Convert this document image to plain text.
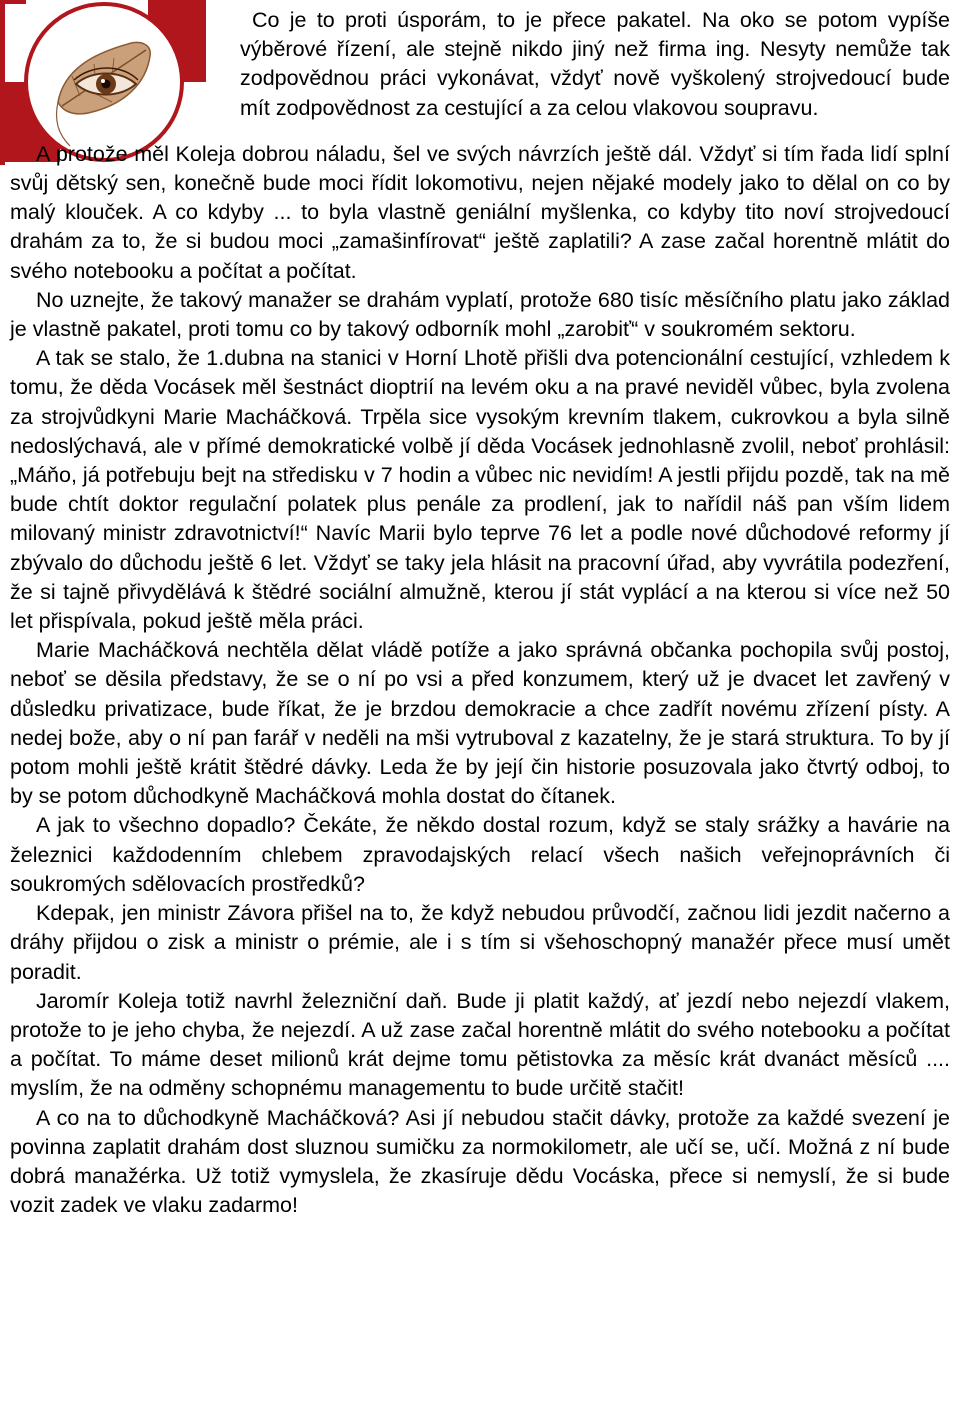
Co je to proti úsporám, to je přece pakatel. Na oko se potom vypíše výběrové řízení, ale stejně nikdo jiný než firma ing. Nesyty nemůže tak zodpovědnou práci vykonávat, vždyť nově vyškolený strojvedoucí bude mít zodpovědnost za cestující a za celou vlakovou soupravu.

A protože měl Koleja dobrou náladu, šel ve svých návrzích ještě dál. Vždyť si tím řada lidí splní svůj dětský sen, konečně bude moci řídit lokomotivu, nejen nějaké modely jako to dělal on co by malý klouček. A co kdyby ... to byla vlastně geniální myšlenka, co kdyby tito noví strojvedoucí drahám za to, že si budou moci „zamašinfírovat“ ještě zaplatili? A zase začal horentně mlátit do svého notebooku a počítat a počítat.

No uznejte, že takový manažer se drahám vyplatí, protože 680 tisíc měsíčního platu jako základ je vlastně pakatel, proti tomu co by takový odborník mohl „zarobiť“ v soukromém sektoru.

A tak se stalo, že 1.dubna na stanici v Horní Lhotě přišli dva potencionální cestující, vzhledem k tomu, že děda Vocásek měl šestnáct dioptrií na levém oku a na pravé neviděl vůbec, byla zvolena za strojvůdkyni Marie Macháčková. Trpěla sice vysokým krevním tlakem, cukrovkou a byla silně nedoslýchavá, ale v přímé demokratické volbě jí děda Vocásek jednohlasně zvolil, neboť prohlásil: „Máňo, já potřebuju bejt na středisku v 7 hodin a vůbec nic nevidím! A jestli přijdu pozdě, tak na mě bude chtít doktor regulační polatek plus penále za prodlení, jak to nařídil náš pan vším lidem milovaný ministr zdravotnictví!“ Navíc Marii bylo teprve 76 let a podle nové důchodové reformy jí zbývalo do důchodu ještě 6 let. Vždyť se taky jela hlásit na pracovní úřad, aby vyvrátila podezření, že si tajně přivydělává k štědré sociální almužně, kterou jí stát vyplácí a na kterou si více než 50 let přispívala, pokud ještě měla práci.

Marie Macháčková nechtěla dělat vládě potíže a jako správná občanka pochopila svůj postoj, neboť se děsila představy, že se o ní po vsi a před konzumem, který už je dvacet let zavřený v důsledku privatizace, bude říkat, že je brzdou demokracie a chce zadřít novému zřízení písty. A nedej bože, aby o ní pan farář v neděli na mši vytruboval z kazatelny, že je stará struktura. To by jí potom mohli ještě krátit štědré dávky. Leda že by její čin historie posuzovala jako čtvrtý odboj, to by se potom důchodkyně Macháčková mohla dostat do čítanek.

A jak to všechno dopadlo? Čekáte, že někdo dostal rozum, když se staly srážky a havárie na železnici každodenním chlebem zpravodajských relací všech našich veřejnoprávních či soukromých sdělovacích prostředků?

Kdepak, jen ministr Závora přišel na to, že když nebudou průvodčí, začnou lidi jezdit načerno a dráhy přijdou o zisk a ministr o prémie, ale i s tím si všehoschopný manažér přece musí umět poradit.

Jaromír Koleja totiž navrhl železniční daň. Bude ji platit každý, ať jezdí nebo nejezdí vlakem, protože to je jeho chyba, že nejezdí. A už zase začal horentně mlátit do svého notebooku a počítat a počítat. To máme deset milionů krát dejme tomu pětistovka za měsíc krát dvanáct měsíců .... myslím, že na odměny schopnému managementu to bude určitě stačit!

A co na to důchodkyně Macháčková? Asi jí nebudou stačit dávky, protože za každé svezení je povinna zaplatit drahám dost sluznou sumičku za normokilometr, ale učí se, učí. Možná z ní bude dobrá manažérka. Už totiž vymyslela, že zkasírujе dědu Vocáska, přece si nemyslí, že si bude vozit zadek ve vlaku zadarmo!
